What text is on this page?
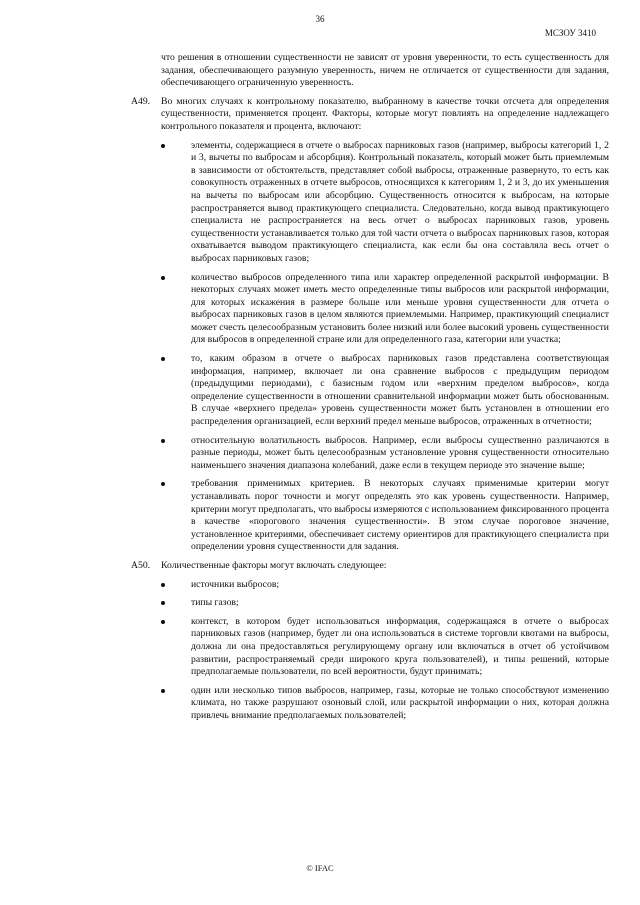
36
МСЗОУ 3410

что решения в отношении существенности не зависят от уровня уверенности, то есть существенность для задания, обеспечивающего разумную уверенность, ничем не отличается от существенности для задания, обеспечивающего ограниченную уверенность.

A49. Во многих случаях к контрольному показателю, выбранному в качестве точки отсчета для определения существенности, применяется процент. Факторы, которые могут повлиять на определение надлежащего контрольного показателя и процента, включают:

элементы, содержащиеся в отчете о выбросах парниковых газов (например, выбросы категорий 1, 2 и 3, вычеты по выбросам и абсорбция). Контрольный показатель, который может быть приемлемым в зависимости от обстоятельств, представляет собой выбросы, отраженные развернуто, то есть как совокупность отраженных в отчете выбросов, относящихся к категориям 1, 2 и 3, до их уменьшения на вычеты по выбросам или абсорбцию. Существенность относится к выбросам, на которые распространяется вывод практикующего специалиста. Следовательно, когда вывод практикующего специалиста не распространяется на весь отчет о выбросах парниковых газов, уровень существенности устанавливается только для той части отчета о выбросах парниковых газов, которая охватывается выводом практикующего специалиста, как если бы она составляла весь отчет о выбросах парниковых газов;
количество выбросов определенного типа или характер определенной раскрытой информации. В некоторых случаях может иметь место определенные типы выбросов или раскрытой информации, для которых искажения в размере больше или меньше уровня существенности для отчета о выбросах парниковых газов в целом являются приемлемыми. Например, практикующий специалист может счесть целесообразным установить более низкий или более высокий уровень существенности для выбросов в определенной стране или для определенного газа, категории или участка;
то, каким образом в отчете о выбросах парниковых газов представлена соответствующая информация, например, включает ли она сравнение выбросов с предыдущим периодом (предыдущими периодами), с базисным годом или «верхним пределом выбросов», когда определение существенности в отношении сравнительной информации может быть обоснованным. В случае «верхнего предела» уровень существенности может быть установлен в отношении его распределения организацией, если верхний предел меньше выбросов, отраженных в отчетности;
относительную волатильность выбросов. Например, если выбросы существенно различаются в разные периоды, может быть целесообразным установление уровня существенности относительно наименьшего значения диапазона колебаний, даже если в текущем периоде это значение выше;
требования применимых критериев. В некоторых случаях применимые критерии могут устанавливать порог точности и могут определять это как уровень существенности. Например, критерии могут предполагать, что выбросы измеряются с использованием фиксированного процента в качестве «порогового значения существенности». В этом случае пороговое значение, установленное критериями, обеспечивает систему ориентиров для практикующего специалиста при определении уровня существенности для задания.
A50. Количественные факторы могут включать следующее:

источники выбросов;
типы газов;
контекст, в котором будет использоваться информация, содержащаяся в отчете о выбросах парниковых газов (например, будет ли она использоваться в системе торговли квотами на выбросы, должна ли она предоставляться регулирующему органу или включаться в отчет об устойчивом развитии, распространяемый среди широкого круга пользователей), и типы решений, которые предполагаемые пользователи, по всей вероятности, будут принимать;
один или несколько типов выбросов, например, газы, которые не только способствуют изменению климата, но также разрушают озоновый слой, или раскрытой информации о них, которая должна привлечь внимание предполагаемых пользователей;
© IFAC
